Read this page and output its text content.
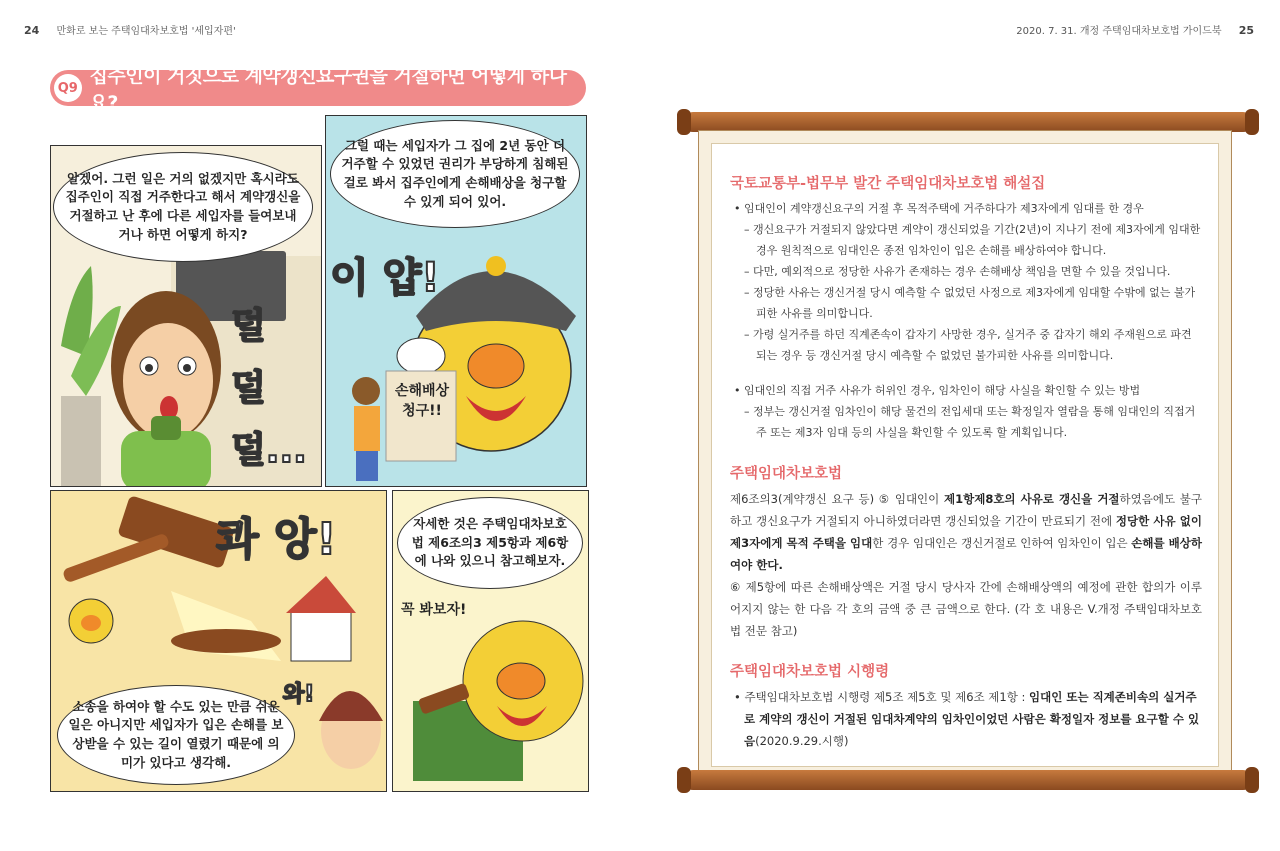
24 만화로 보는 주택임대차보호법 '세입자편'	2020. 7. 31. 개정 주택임대차보호법 가이드북 25
Q9
집주인이 거짓으로 계약갱신요구권을 거절하면 어떻게 하나요?
알겠어. 그런 일은 거의 없겠지만 혹시라도 집주인이 직접 거주한다고 해서 계약갱신을 거절하고 난 후에 다른 세입자를 들여보내거나 하면 어떻게 하지?
덜 덜 덜...
그럴 때는 세입자가 그 집에 2년 동안 더 거주할 수 있었던 권리가 부당하게 침해된 걸로 봐서 집주인에게 손해배상을 청구할 수 있게 되어 있어.
이 얍!
손해배상 청구!!
콰 앙!
와!
소송을 하여야 할 수도 있는 만큼 쉬운일은 아니지만 세입자가 입은 손해를 보상받을 수 있는 길이 열렸기 때문에 의미가 있다고 생각해.
자세한 것은 주택임대차보호법 제6조의3 제5항과 제6항에 나와 있으니 참고해보자.
꼭 봐보자!
국토교통부-법무부 발간 주택임대차보호법 해설집

• 임대인이 계약갱신요구의 거절 후 목적주택에 거주하다가 제3자에게 임대를 한 경우

– 갱신요구가 거절되지 않았다면 계약이 갱신되었을 기간(2년)이 지나기 전에 제3자에게 임대한 경우 원칙적으로 임대인은 종전 임차인이 입은 손해를 배상하여야 합니다.

– 다만, 예외적으로 정당한 사유가 존재하는 경우 손해배상 책임을 면할 수 있을 것입니다.

– 정당한 사유는 갱신거절 당시 예측할 수 없었던 사정으로 제3자에게 임대할 수밖에 없는 불가피한 사유를 의미합니다.

– 가령 실거주를 하던 직계존속이 갑자기 사망한 경우, 실거주 중 갑자기 해외 주재원으로 파견되는 경우 등 갱신거절 당시 예측할 수 없었던 불가피한 사유를 의미합니다.

• 임대인의 직접 거주 사유가 허위인 경우, 임차인이 해당 사실을 확인할 수 있는 방법

– 정부는 갱신거절 임차인이 해당 물건의 전입세대 또는 확정일자 열람을 통해 임대인의 직접거주 또는 제3자 임대 등의 사실을 확인할 수 있도록 할 계획입니다.

주택임대차보호법

제6조의3(계약갱신 요구 등) ⑤ 임대인이 제1항제8호의 사유로 갱신을 거절하였음에도 불구하고 갱신요구가 거절되지 아니하였더라면 갱신되었을 기간이 만료되기 전에 정당한 사유 없이 제3자에게 목적 주택을 임대한 경우 임대인은 갱신거절로 인하여 임차인이 입은 손해를 배상하여야 한다.

⑥ 제5항에 따른 손해배상액은 거절 당시 당사자 간에 손해배상액의 예정에 관한 합의가 이루어지지 않는 한 다음 각 호의 금액 중 큰 금액으로 한다. (각 호 내용은 V.개정 주택임대차보호법 전문 참고)

주택임대차보호법 시행령

• 주택임대차보호법 시행령 제5조 제5호 및 제6조 제1항 : 임대인 또는 직계존비속의 실거주로 계약의 갱신이 거절된 임대차계약의 임차인이었던 사람은 확정일자 정보를 요구할 수 있음(2020.9.29.시행)
